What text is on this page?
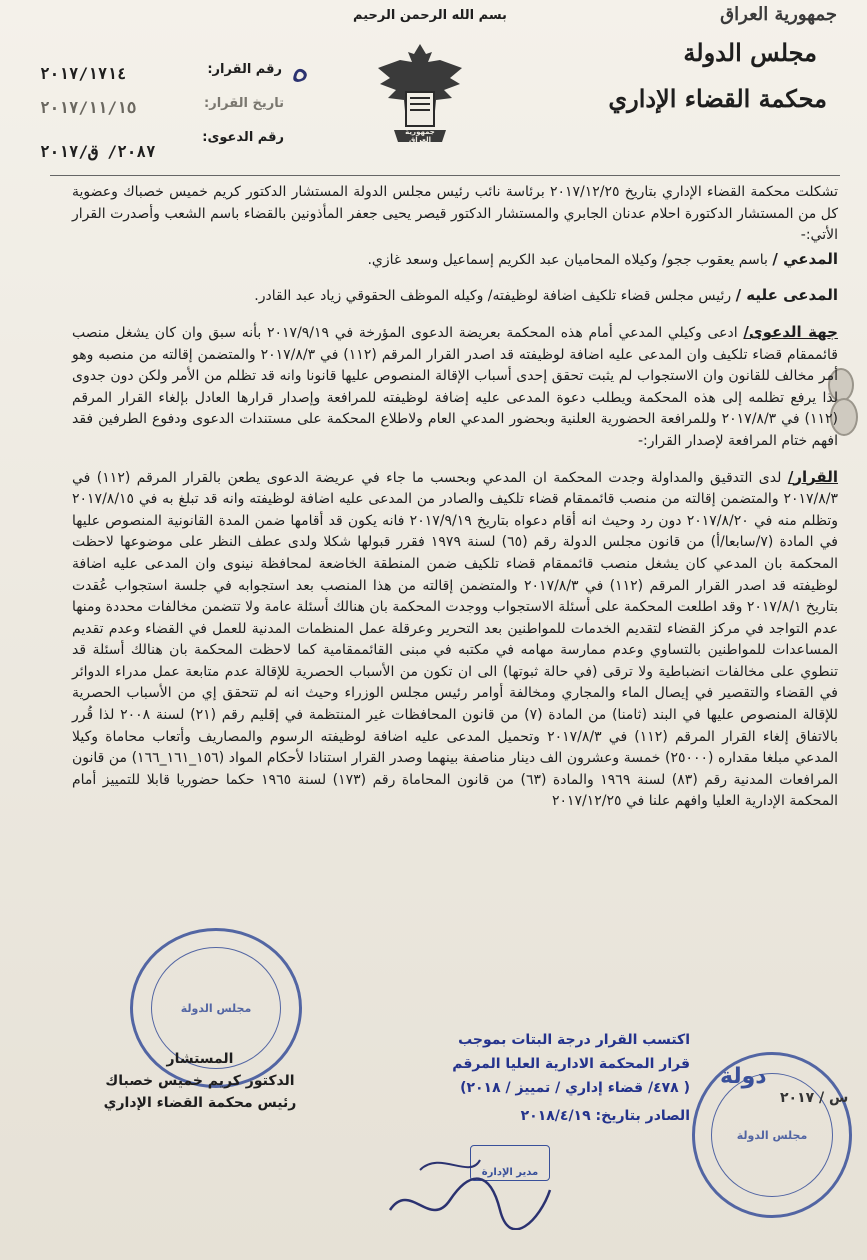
بسم الله الرحمن الرحيم	جمهورية العراق
مجلس الدولة
محكمة القضاء الإداري
جمهورية العراق
رقم القرار:
تاريخ القرار:
رقم الدعوى:
٢٠١٧/١٧١٤
٢٠١٧/١١/١٥
٢٠٨٧/ ق/٢٠١٧
ه

تشكلت محكمة القضاء الإداري بتاريخ ٢٠١٧/١٢/٢٥ برئاسة نائب رئيس مجلس الدولة المستشار الدكتور كريم خميس خصباك وعضوية كل من المستشار الدكتورة احلام عدنان الجابري والمستشار الدكتور قيصر يحيى جعفر المأذونين بالقضاء باسم الشعب وأصدرت القرار الأتي:-

المدعي / باسم يعقوب ججو/ وكيلاه المحاميان عبد الكريم إسماعيل وسعد غازي.

المدعى عليه / رئيس مجلس قضاء تلكيف اضافة لوظيفته/ وكيله الموظف الحقوقي زياد عبد القادر.

جهة الدعوى/ ادعى وكيلي المدعي أمام هذه المحكمة بعريضة الدعوى المؤرخة في ٢٠١٧/٩/١٩ بأنه سبق وان كان يشغل منصب قائممقام قضاء تلكيف وان المدعى عليه اضافة لوظيفته قد اصدر القرار المرقم (١١٢) في ٢٠١٧/٨/٣ والمتضمن إقالته من منصبه وهو أمر مخالف للقانون وان الاستجواب لم يثبت تحقق إحدى أسباب الإقالة المنصوص عليها قانونا وانه قد تظلم من الأمر ولكن دون جدوى لذا يرفع تظلمه إلى هذه المحكمة ويطلب دعوة المدعى عليه إضافة لوظيفته للمرافعة وإصدار قرارها العادل بإلغاء القرار المرقم (١١٢) في ٢٠١٧/٨/٣ وللمرافعة الحضورية العلنية وبحضور المدعي العام ولاطلاع المحكمة على مستندات الدعوى ودفوع الطرفين فقد افهم ختام المرافعة لإصدار القرار:-

القرار/ لدى التدقيق والمداولة وجدت المحكمة ان المدعي وبحسب ما جاء في عريضة الدعوى يطعن بالقرار المرقم (١١٢) في ٢٠١٧/٨/٣ والمتضمن إقالته من منصب قائممقام قضاء تلكيف والصادر من المدعى عليه اضافة لوظيفته وانه قد تبلغ به في ٢٠١٧/٨/١٥ وتظلم منه في ٢٠١٧/٨/٢٠ دون رد وحيث انه أقام دعواه بتاريخ ٢٠١٧/٩/١٩ فانه يكون قد أقامها ضمن المدة القانونية المنصوص عليها في المادة (٧/سابعا/أ) من قانون مجلس الدولة رقم (٦٥) لسنة ١٩٧٩ فقرر قبولها شكلا ولدى عطف النظر على موضوعها لاحظت المحكمة بان المدعي كان يشغل منصب قائممقام قضاء تلكيف ضمن المنطقة الخاضعة لمحافظة نينوى وان المدعى عليه اضافة لوظيفته قد اصدر القرار المرقم (١١٢) في ٢٠١٧/٨/٣ والمتضمن إقالته من هذا المنصب بعد استجوابه في جلسة استجواب عُقدت بتاريخ ٢٠١٧/٨/١ وقد اطلعت المحكمة على أسئلة الاستجواب ووجدت المحكمة بان هنالك أسئلة عامة ولا تتضمن مخالفات محددة ومنها عدم التواجد في مركز القضاء لتقديم الخدمات للمواطنين بعد التحرير وعرقلة عمل المنظمات المدنية للعمل في القضاء وعدم تقديم المساعدات للمواطنين بالتساوي وعدم ممارسة مهامه في مكتبه في مبنى القائممقامية كما لاحظت المحكمة بان هنالك أسئلة قد تنطوي على مخالفات انضباطية ولا ترقى (في حالة ثبوتها) الى ان تكون من الأسباب الحصرية للإقالة عدم متابعة عمل مدراء الدوائر في القضاء والتقصير في إيصال الماء والمجاري ومخالفة أوامر رئيس مجلس الوزراء وحيث انه لم تتحقق إي من الأسباب الحصرية للإقالة المنصوص عليها في البند (ثامنا) من المادة (٧) من قانون المحافظات غير المنتظمة في إقليم رقم (٢١) لسنة ٢٠٠٨ لذا قُرر بالاتفاق إلغاء القرار المرقم (١١٢) في ٢٠١٧/٨/٣ وتحميل المدعى عليه اضافة لوظيفته الرسوم والمصاريف وأتعاب محاماة وكيلا المدعي مبلغا مقداره (٢٥٠٠٠) خمسة وعشرون الف دينار مناصفة بينهما وصدر القرار استنادا لأحكام المواد (١٥٦_١٦١_١٦٦) من قانون المرافعات المدنية رقم (٨٣) لسنة ١٩٦٩ والمادة (٦٣) من قانون المحاماة رقم (١٧٣) لسنة ١٩٦٥ حكما حضوريا قابلا للتمييز أمام المحكمة الإدارية العليا وافهم علنا في ٢٠١٧/١٢/٢٥

مجلس الدولة
المستشار
الدكتور كريم خميس خصباك
رئيس محكمة القضاء الإداري
اكتسب القرار درجة البتات بموجب
قرار المحكمة الادارية العليا المرقم
( ٤٧٨/ قضاء إداري / تمييز / ٢٠١٨)
الصادر بتاريخ: ٢٠١٨/٤/١٩
مجلس الدولة
دولة
س / ٢٠١٧
مدير الإدارة
